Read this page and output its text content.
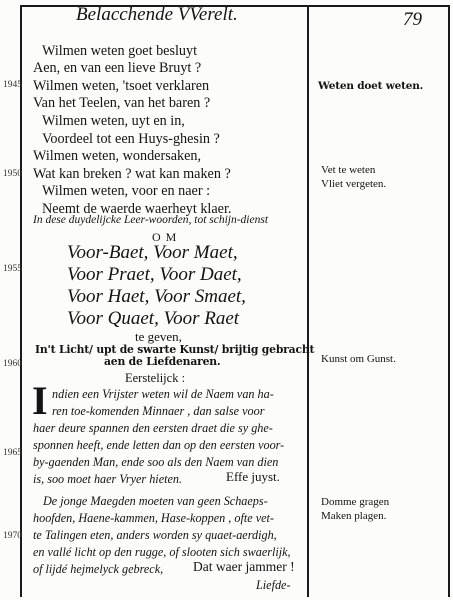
Belacchende VVerelt.	79
Wilmen weten goet besluyt
Aen, en van een lieve Bruyt ?
Wilmen weten, 'tsoet verklaren
Van het Teelen, van het baren ?
Wilmen weten, uyt en in,
Voordeel tot een Huys-ghesin ?
Wilmen weten, wondersaken,
Wat kan breken ? wat kan maken ?
Wilmen weten, voor en naer :
Neemt de waerde waerheyt klaer.
1945
1950
1955
1960
1965
1970
Weten doet weten.
Vet te weten
Vliet vergeten.
Kunst om Gunst.
Domme gragen
Maken plagen.
In dese duydelijcke Leer-woorden, tot schijn-dienst
O M
Voor-Baet, Voor Maet,
Voor Praet, Voor Daet,
Voor Haet, Voor Smaet,
Voor Quaet, Voor Raet
te geven,
In't Licht/ upt de swarte Kunst/ brijtig gebracht
aen de Liefdenaren.
Eerstelijck :
I ndien een Vrijster weten wil de Naem van ha-
ren toe-komenden Minnaer , dan salse voor
haer deure spannen den eersten draet die sy ghe-
sponnen heeft, ende letten dan op den eersten voor-
by-gaenden Man, ende soo als den Naem van dien
is, soo moet haer Vryer hieten.	Effe juyst.
De jonge Maegden moeten van geen Schaeps-
hoofden, Haene-kammen, Hase-koppen , ofte vet-
te Talingen eten, anders worden sy quaet-aerdigh,
en vallé licht op den rugge, of slooten sich swaerlijk,
of lijdé hejmelyck gebreck, Dat waer jammer !
Liefde-
